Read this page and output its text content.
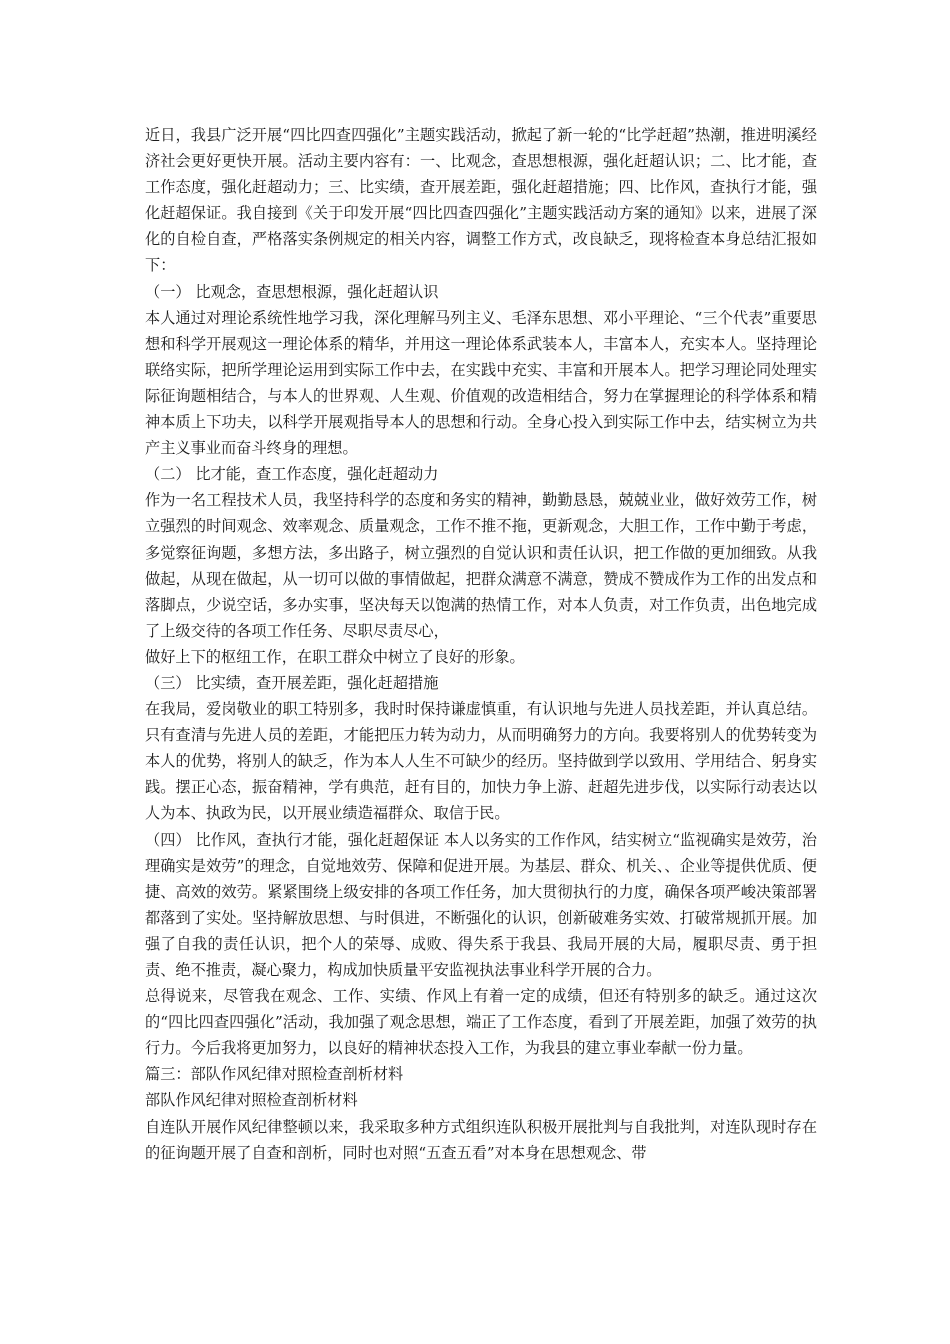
近日，我县广泛开展“四比四查四强化”主题实践活动，掀起了新一轮的“比学赶超”热潮，推进明溪经济社会更好更快开展。活动主要内容有：一、比观念，查思想根源，强化赶超认识；二、比才能，查工作态度，强化赶超动力；三、比实绩，查开展差距，强化赶超措施；四、比作风，查执行才能，强化赶超保证。我自接到《关于印发开展“四比四查四强化”主题实践活动方案的通知》以来，进展了深化的自检自查，严格落实条例规定的相关内容，调整工作方式，改良缺乏，现将检查本身总结汇报如下：

（一） 比观念，查思想根源，强化赶超认识

本人通过对理论系统性地学习我，深化理解马列主义、毛泽东思想、邓小平理论、“三个代表”重要思想和科学开展观这一理论体系的精华，并用这一理论体系武装本人，丰富本人，充实本人。坚持理论联络实际，把所学理论运用到实际工作中去，在实践中充实、丰富和开展本人。把学习理论同处理实际征询题相结合，与本人的世界观、人生观、价值观的改造相结合，努力在掌握理论的科学体系和精神本质上下功夫，以科学开展观指导本人的思想和行动。全身心投入到实际工作中去，结实树立为共产主义事业而奋斗终身的理想。

（二） 比才能，查工作态度，强化赶超动力

作为一名工程技术人员，我坚持科学的态度和务实的精神，勤勤恳恳，兢兢业业，做好效劳工作，树立强烈的时间观念、效率观念、质量观念，工作不推不拖，更新观念，大胆工作，工作中勤于考虑，多觉察征询题，多想方法，多出路子，树立强烈的自觉认识和责任认识，把工作做的更加细致。从我做起，从现在做起，从一切可以做的事情做起，把群众满意不满意，赞成不赞成作为工作的出发点和落脚点，少说空话，多办实事，坚决每天以饱满的热情工作，对本人负责，对工作负责，出色地完成了上级交待的各项工作任务、尽职尽责尽心，

做好上下的枢纽工作，在职工群众中树立了良好的形象。

（三） 比实绩，查开展差距，强化赶超措施

在我局，爱岗敬业的职工特别多，我时时保持谦虚慎重，有认识地与先进人员找差距，并认真总结。只有查清与先进人员的差距，才能把压力转为动力，从而明确努力的方向。我要将别人的优势转变为本人的优势，将别人的缺乏，作为本人人生不可缺少的经历。坚持做到学以致用、学用结合、躬身实践。摆正心态，振奋精神，学有典范，赶有目的，加快力争上游、赶超先进步伐，以实际行动表达以人为本、执政为民，以开展业绩造福群众、取信于民。

（四） 比作风，查执行才能，强化赶超保证 本人以务实的工作作风，结实树立“监视确实是效劳，治理确实是效劳”的理念，自觉地效劳、保障和促进开展。为基层、群众、机关、、企业等提供优质、便捷、高效的效劳。紧紧围绕上级安排的各项工作任务，加大贯彻执行的力度，确保各项严峻决策部署都落到了实处。坚持解放思想、与时俱进，不断强化的认识，创新破难务实效、打破常规抓开展。加强了自我的责任认识，把个人的荣辱、成败、得失系于我县、我局开展的大局，履职尽责、勇于担责、绝不推责，凝心聚力，构成加快质量平安监视执法事业科学开展的合力。

总得说来，尽管我在观念、工作、实绩、作风上有着一定的成绩，但还有特别多的缺乏。通过这次的“四比四查四强化”活动，我加强了观念思想，端正了工作态度，看到了开展差距，加强了效劳的执行力。今后我将更加努力，以良好的精神状态投入工作，为我县的建立事业奉献一份力量。

篇三：部队作风纪律对照检查剖析材料

部队作风纪律对照检查剖析材料

自连队开展作风纪律整顿以来，我采取多种方式组织连队积极开展批判与自我批判，对连队现时存在的征询题开展了自查和剖析，同时也对照“五查五看”对本身在思想观念、带
